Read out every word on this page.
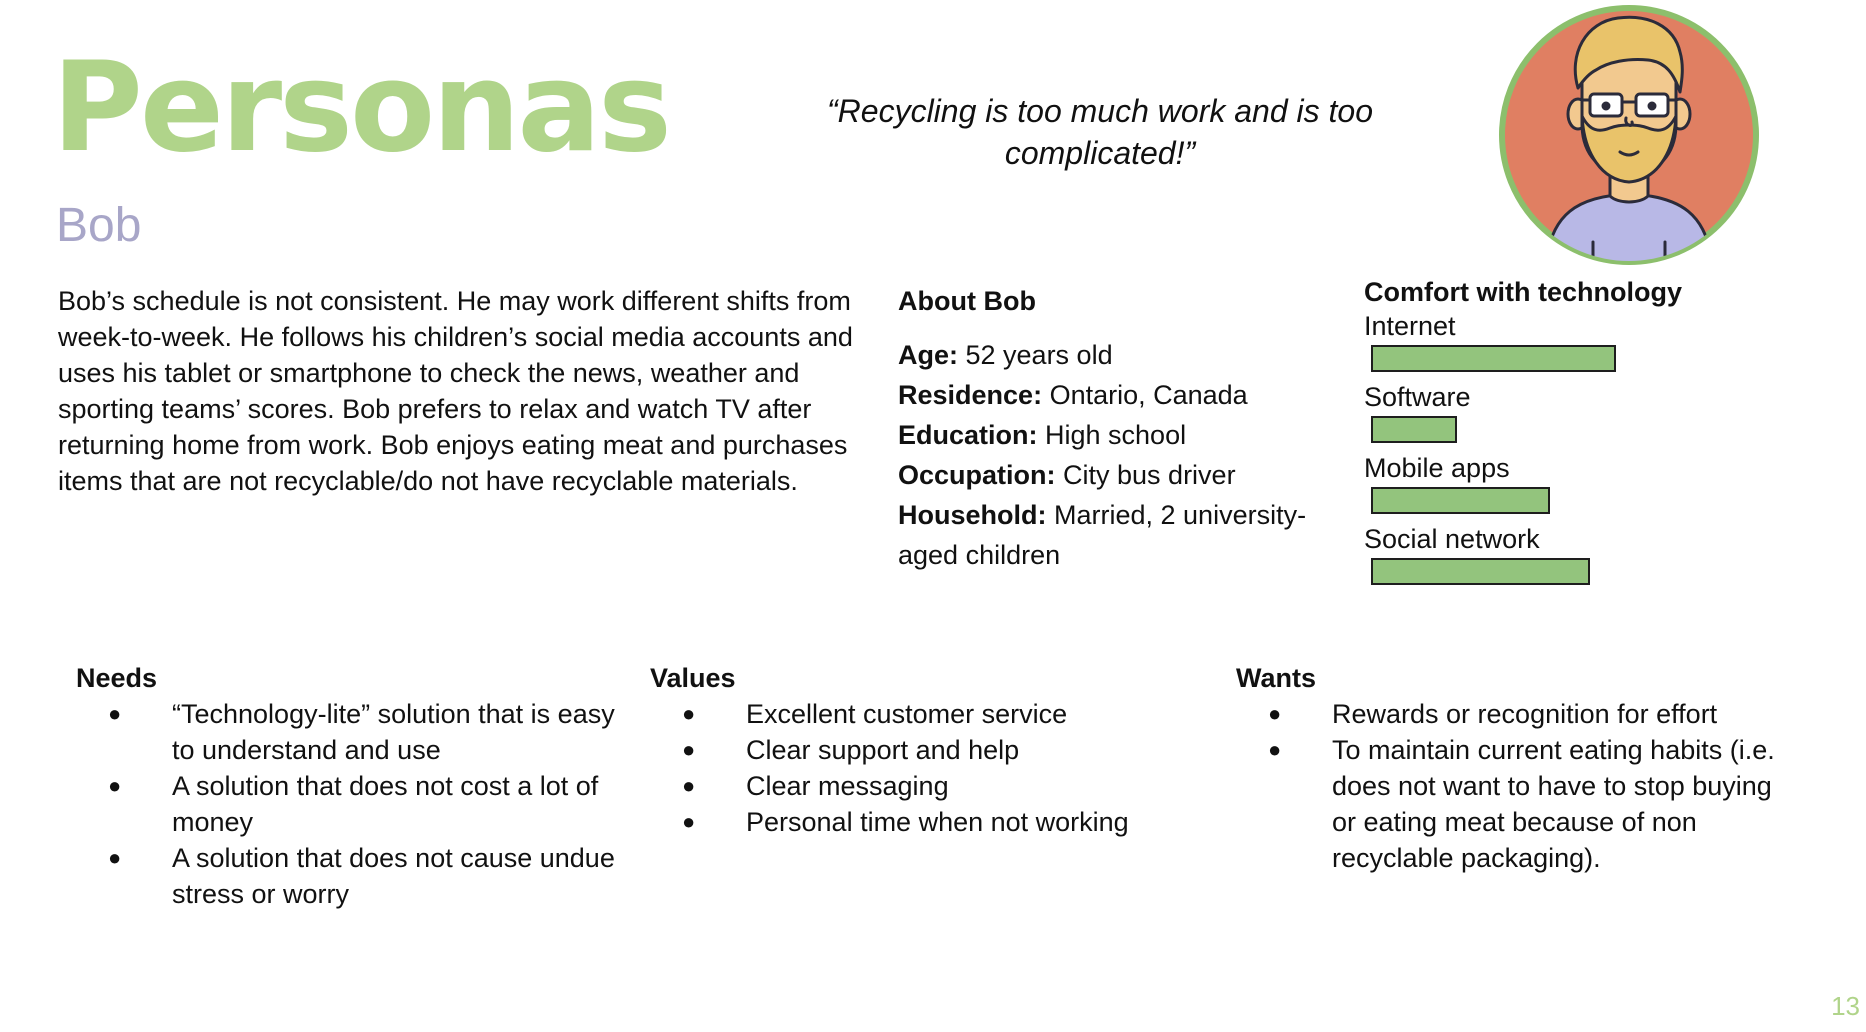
Personas
Bob
“Recycling is too much work and is too complicated!”
Bob’s schedule is not consistent. He may work different shifts from week-to-week. He follows his children’s social media accounts and uses his tablet or smartphone to check the news, weather and sporting teams’ scores. Bob prefers to relax and watch TV after returning home from work. Bob enjoys eating meat and purchases items that are not recyclable/do not have recyclable materials.
About Bob
Age: 52 years old
Residence: Ontario, Canada
Education: High school
Occupation: City bus driver
Household: Married, 2 university-aged children
Comfort with technology
Internet
Software
Mobile apps
Social network
Needs
● “Technology-lite” solution that is easy to understand and use
● A solution that does not cost a lot of money
● A solution that does not cause undue stress or worry
Values
● Excellent customer service
● Clear support and help
● Clear messaging
● Personal time when not working
Wants
● Rewards or recognition for effort
● To maintain current eating habits (i.e. does not want to have to stop buying or eating meat because of non recyclable packaging).
13
